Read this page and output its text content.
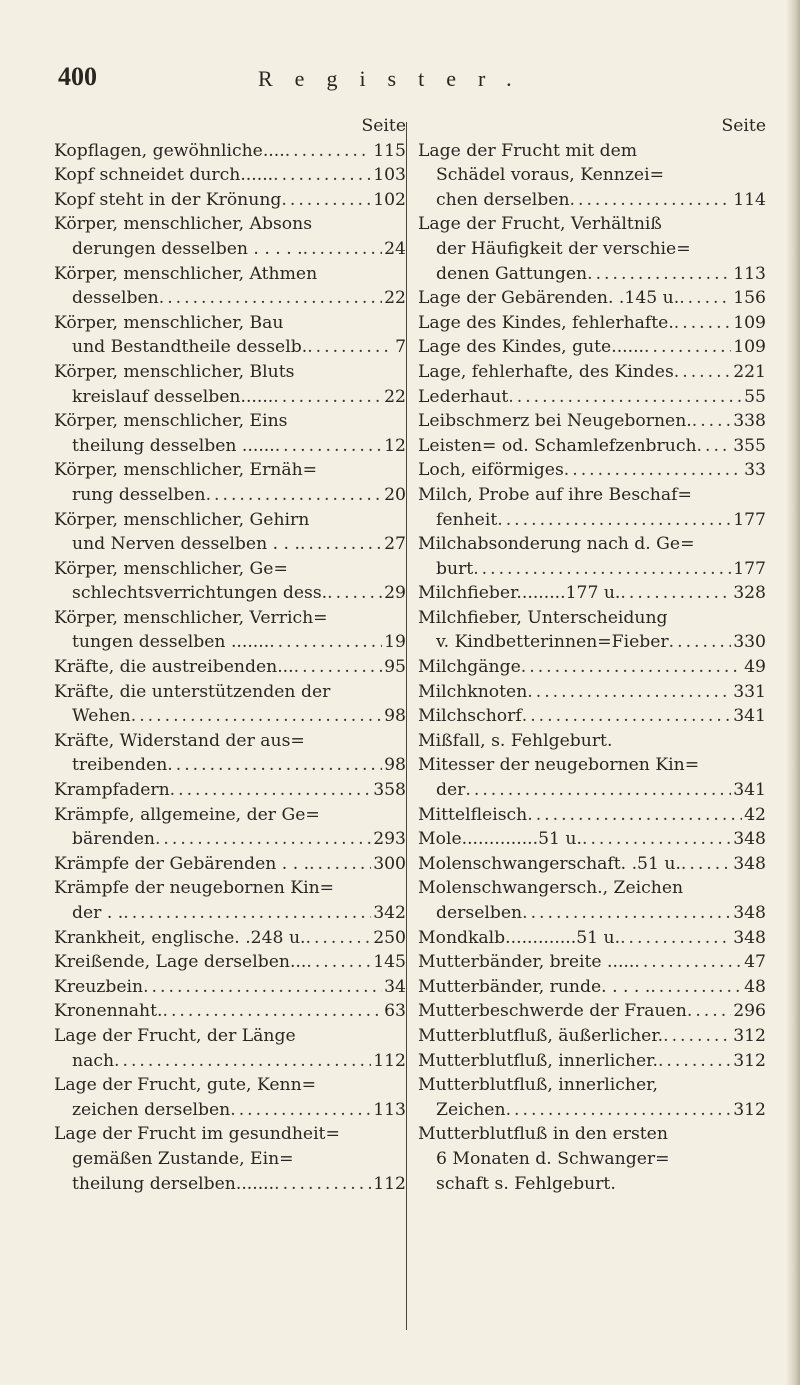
400	Register.
Seite
Kopflagen, gewöhnliche.... .....	115
Kopf schneidet durch...... .....	103
Kopf steht in der Krönung .....	102
Körper, menschlicher, Absons
derungen desselben . . . . . .....	24
Körper, menschlicher, Athmen
desselben .....	22
Körper, menschlicher, Bau
und Bestandtheile desselb. .....	7
Körper, menschlicher, Bluts
kreislauf desselben...... .....	22
Körper, menschlicher, Eins
theilung desselben ...... .....	12
Körper, menschlicher, Ernäh=
rung desselben .....	20
Körper, menschlicher, Gehirn
und Nerven desselben . . . .....	27
Körper, menschlicher, Ge=
schlechtsverrichtungen dess. .....	29
Körper, menschlicher, Verrich=
tungen desselben ....... .....	19
Kräfte, die austreibenden... .....	95
Kräfte, die unterstützenden der
Wehen .....	98
Kräfte, Widerstand der aus=
treibenden .....	98
Krampfadern .....	358
Krämpfe, allgemeine, der Ge=
bärenden .....	293
Krämpfe der Gebärenden . . . .....	300
Krämpfe der neugebornen Kin=
der . . .....	342
Krankheit, englische. .248 u. .....	250
Kreißende, Lage derselben... .....	145
Kreuzbein .....	34
Kronennaht. .....	63
Lage der Frucht, der Länge
nach .....	112
Lage der Frucht, gute, Kenn=
zeichen derselben .....	113
Lage der Frucht im gesundheit=
gemäßen Zustande, Ein=
theilung derselben....... .....	112
Seite
Lage der Frucht mit dem
Schädel voraus, Kennzei=
chen derselben .....	114
Lage der Frucht, Verhältniß
der Häufigkeit der verschie=
denen Gattungen .....	113
Lage der Gebärenden. .145 u. .....	156
Lage des Kindes, fehlerhafte. .....	109
Lage des Kindes, gute...... .....	109
Lage, fehlerhafte, des Kindes .....	221
Lederhaut .....	55
Leibschmerz bei Neugebornen. ..... 338
Leisten= od. Schamlefzenbruch ..... 355
Loch, eiförmiges .....	33
Milch, Probe auf ihre Beschaf=
fenheit .....	177
Milchabsonderung nach d. Ge=
burt .....	177
Milchfieber.........177 u. .....	328
Milchfieber, Unterscheidung
v. Kindbetterinnen=Fieber .....	330
Milchgänge .....	49
Milchknoten .....	331
Milchschorf .....	341
Mißfall, s. Fehlgeburt.
Mitesser der neugebornen Kin=
der .....	341
Mittelfleisch .....	42
Mole..............51 u. .....	348
Molenschwangerschaft. .51 u. .....	348
Molenschwangersch., Zeichen
derselben .....	348
Mondkalb.............51 u. .....	348
Mutterbänder, breite ..... .....	47
Mutterbänder, runde. . . . . .....	48
Mutterbeschwerde der Frauen .....	296
Mutterblutfluß, äußerlicher. .....	312
Mutterblutfluß, innerlicher. .....	312
Mutterblutfluß, innerlicher,
Zeichen .....	312
Mutterblutfluß in den ersten
6 Monaten d. Schwanger=
schaft s. Fehlgeburt.
